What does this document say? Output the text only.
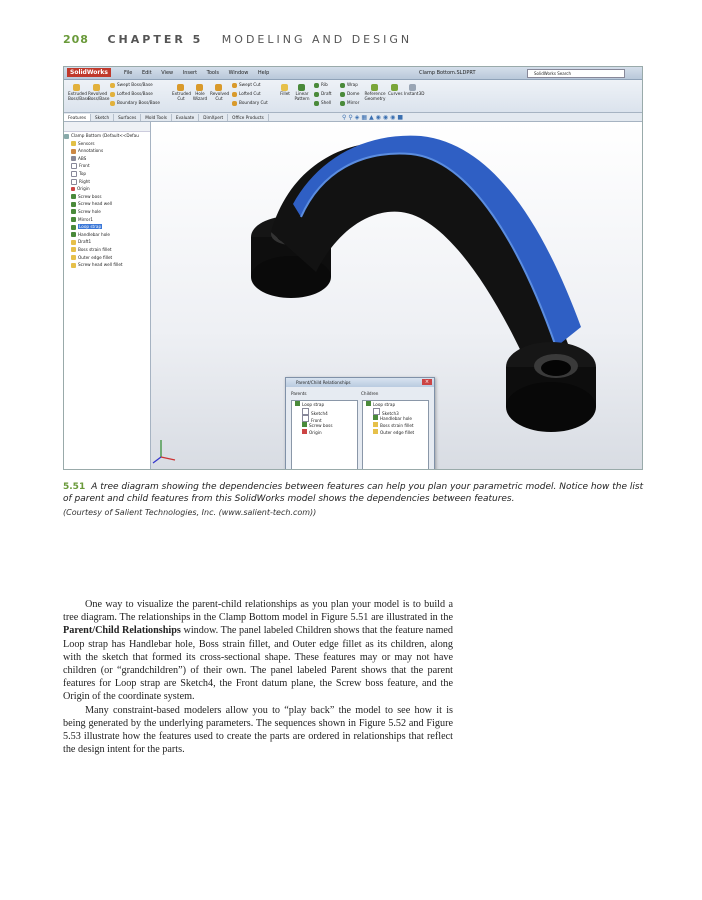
208 CHAPTER 5 MODELING AND DESIGN
SolidWorks	File Edit View Insert Tools Window Help	Clamp Bottom.SLDPRT	SolidWorks Search

Extruded Boss/Base

Revolved Boss/Base
Swept Boss/Base
Lofted Boss/Base
Boundary Boss/Base

Extruded Cut

Hole Wizard

Revolved Cut
Swept Cut
Lofted Cut
Boundary Cut

Fillet	Linear Pattern
Rib
Draft
Shell
Wrap
Dome
Mirror

Reference Geometry

Curves Instant3D
Features Sketch Surfaces Mold Tools Evaluate DimXpert Office Products	⚲⚲◈▦▲◉◉◉■
Clamp Bottom (Default<<Defau
Sensors
Annotations
ABS
Front
Top
Right
Origin
Screw boss
Screw head well
Screw hole
Mirror1
Loop strap
Handlebar hole
Draft1
Boss strain fillet
Outer edge fillet
Screw head well fillet
Parent/Child Relationships	×
Parents	Children
Loop strap
Sketch4
Front
Screw boss
Origin
Loop strap
Sketch3
Handlebar hole
Boss strain fillet
Outer edge fillet
5.51 A tree diagram showing the dependencies between features can help you plan your parametric model. Notice how the list of parent and child features from this SolidWorks model shows the dependencies between features.
(Courtesy of Salient Technologies, Inc. (www.salient-tech.com))

One way to visualize the parent-child relationships as you plan your model is to build a tree diagram. The relationships in the Clamp Bottom model in Figure 5.51 are illustrated in the Parent/Child Relationships window. The panel labeled Children shows that the feature named Loop strap has Handlebar hole, Boss strain fillet, and Outer edge fillet as its children, along with the sketch that formed its cross-sectional shape. These features may or may not have children (or “grandchildren”) of their own. The panel labeled Parent shows that the parent features for Loop strap are Sketch4, the Front datum plane, the Screw boss feature, and the Origin of the coordinate system.

Many constraint-based modelers allow you to “play back” the model to see how it is being generated by the underlying parameters. The sequences shown in Figure 5.52 and Figure 5.53 illustrate how the features used to create the parts are ordered in relationships that reflect the design intent for the parts.
